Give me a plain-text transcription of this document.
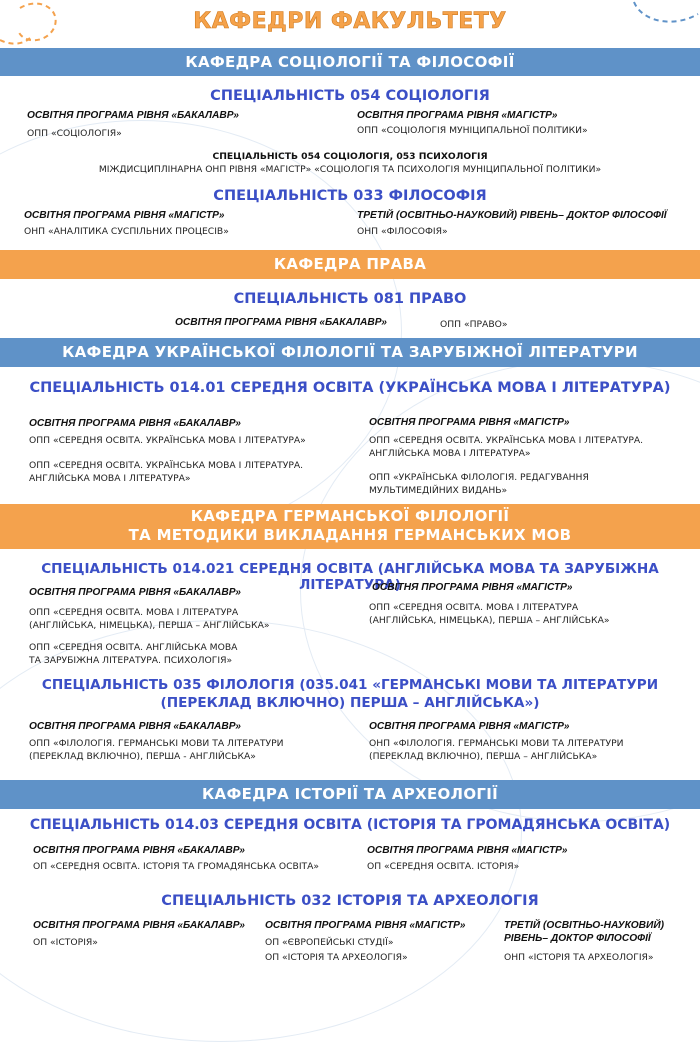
КАФЕДРИ ФАКУЛЬТЕТУ
КАФЕДРА СОЦІОЛОГІЇ ТА ФІЛОСОФІЇ
СПЕЦІАЛЬНІСТЬ 054 СОЦІОЛОГІЯ
ОСВІТНЯ ПРОГРАМА РІВНЯ «БАКАЛАВР»
ОПП «СОЦІОЛОГІЯ»
ОСВІТНЯ ПРОГРАМА РІВНЯ «МАГІСТР»
ОПП «СОЦІОЛОГІЯ МУНІЦИПАЛЬНОЇ ПОЛІТИКИ»
СПЕЦІАЛЬНІСТЬ 054 СОЦІОЛОГІЯ, 053 ПСИХОЛОГІЯ
МІЖДИСЦИПЛІНАРНА ОНП РІВНЯ «МАГІСТР» «СОЦІОЛОГІЯ ТА ПСИХОЛОГІЯ МУНІЦИПАЛЬНОЇ ПОЛІТИКИ»
СПЕЦІАЛЬНІСТЬ 033 ФІЛОСОФІЯ
ОСВІТНЯ ПРОГРАМА РІВНЯ «МАГІСТР»
ОНП «АНАЛІТИКА СУСПІЛЬНИХ ПРОЦЕСІВ»
ТРЕТІЙ (ОСВІТНЬО-НАУКОВИЙ) РІВЕНЬ– ДОКТОР ФІЛОСОФІЇ
ОНП «ФІЛОСОФІЯ»
КАФЕДРА ПРАВА
СПЕЦІАЛЬНІСТЬ 081 ПРАВО
ОСВІТНЯ ПРОГРАМА РІВНЯ «БАКАЛАВР»	ОПП «ПРАВО»
КАФЕДРА УКРАЇНСЬКОЇ ФІЛОЛОГІЇ ТА ЗАРУБІЖНОЇ ЛІТЕРАТУРИ
СПЕЦІАЛЬНІСТЬ 014.01 СЕРЕДНЯ ОСВІТА (УКРАЇНСЬКА МОВА І ЛІТЕРАТУРА)
ОСВІТНЯ ПРОГРАМА РІВНЯ «БАКАЛАВР»
ОПП «СЕРЕДНЯ ОСВІТА. УКРАЇНСЬКА МОВА І ЛІТЕРАТУРА»
ОПП «СЕРЕДНЯ ОСВІТА. УКРАЇНСЬКА МОВА І ЛІТЕРАТУРА.
АНГЛІЙСЬКА МОВА І ЛІТЕРАТУРА»
ОСВІТНЯ ПРОГРАМА РІВНЯ «МАГІСТР»
ОПП «СЕРЕДНЯ ОСВІТА. УКРАЇНСЬКА МОВА І ЛІТЕРАТУРА.
АНГЛІЙСЬКА МОВА І ЛІТЕРАТУРА»
ОПП «УКРАЇНСЬКА ФІЛОЛОГІЯ. РЕДАГУВАННЯ
МУЛЬТИМЕДІЙНИХ ВИДАНЬ»
КАФЕДРА ГЕРМАНСЬКОЇ ФІЛОЛОГІЇ
ТА МЕТОДИКИ ВИКЛАДАННЯ ГЕРМАНСЬКИХ МОВ
СПЕЦІАЛЬНІСТЬ 014.021 СЕРЕДНЯ ОСВІТА (АНГЛІЙСЬКА МОВА ТА ЗАРУБІЖНА ЛІТЕРАТУРА)
ОСВІТНЯ ПРОГРАМА РІВНЯ «БАКАЛАВР»
ОПП «СЕРЕДНЯ ОСВІТА. МОВА І ЛІТЕРАТУРА
(АНГЛІЙСЬКА, НІМЕЦЬКА), ПЕРША – АНГЛІЙСЬКА»
ОПП «СЕРЕДНЯ ОСВІТА. АНГЛІЙСЬКА МОВА
ТА ЗАРУБІЖНА ЛІТЕРАТУРА. ПСИХОЛОГІЯ»
ОСВІТНЯ ПРОГРАМА РІВНЯ «МАГІСТР»
ОПП «СЕРЕДНЯ ОСВІТА. МОВА І ЛІТЕРАТУРА
(АНГЛІЙСЬКА, НІМЕЦЬКА), ПЕРША – АНГЛІЙСЬКА»
СПЕЦІАЛЬНІСТЬ 035 ФІЛОЛОГІЯ (035.041 «ГЕРМАНСЬКІ МОВИ ТА ЛІТЕРАТУРИ
(ПЕРЕКЛАД ВКЛЮЧНО) ПЕРША – АНГЛІЙСЬКА»)
ОСВІТНЯ ПРОГРАМА РІВНЯ «БАКАЛАВР»
ОПП «ФІЛОЛОГІЯ. ГЕРМАНСЬКІ МОВИ ТА ЛІТЕРАТУРИ
(ПЕРЕКЛАД ВКЛЮЧНО), ПЕРША - АНГЛІЙСЬКА»
ОСВІТНЯ ПРОГРАМА РІВНЯ «МАГІСТР»
ОНП «ФІЛОЛОГІЯ. ГЕРМАНСЬКІ МОВИ ТА ЛІТЕРАТУРИ
(ПЕРЕКЛАД ВКЛЮЧНО), ПЕРША – АНГЛІЙСЬКА»
КАФЕДРА ІСТОРІЇ ТА АРХЕОЛОГІЇ
СПЕЦІАЛЬНІСТЬ 014.03 СЕРЕДНЯ ОСВІТА (ІСТОРІЯ ТА ГРОМАДЯНСЬКА ОСВІТА)
ОСВІТНЯ ПРОГРАМА РІВНЯ «БАКАЛАВР»
ОП «СЕРЕДНЯ ОСВІТА. ІСТОРІЯ ТА ГРОМАДЯНСЬКА ОСВІТА»
ОСВІТНЯ ПРОГРАМА РІВНЯ «МАГІСТР»
ОП «СЕРЕДНЯ ОСВІТА. ІСТОРІЯ»
СПЕЦІАЛЬНІСТЬ 032 ІСТОРІЯ ТА АРХЕОЛОГІЯ
ОСВІТНЯ ПРОГРАМА РІВНЯ «БАКАЛАВР»
ОП «ІСТОРІЯ»
ОСВІТНЯ ПРОГРАМА РІВНЯ «МАГІСТР»
ОП «ЄВРОПЕЙСЬКІ СТУДІЇ»
ОП «ІСТОРІЯ ТА АРХЕОЛОГІЯ»
ТРЕТІЙ (ОСВІТНЬО-НАУКОВИЙ)
РІВЕНЬ– ДОКТОР ФІЛОСОФІЇ
ОНП «ІСТОРІЯ ТА АРХЕОЛОГІЯ»
